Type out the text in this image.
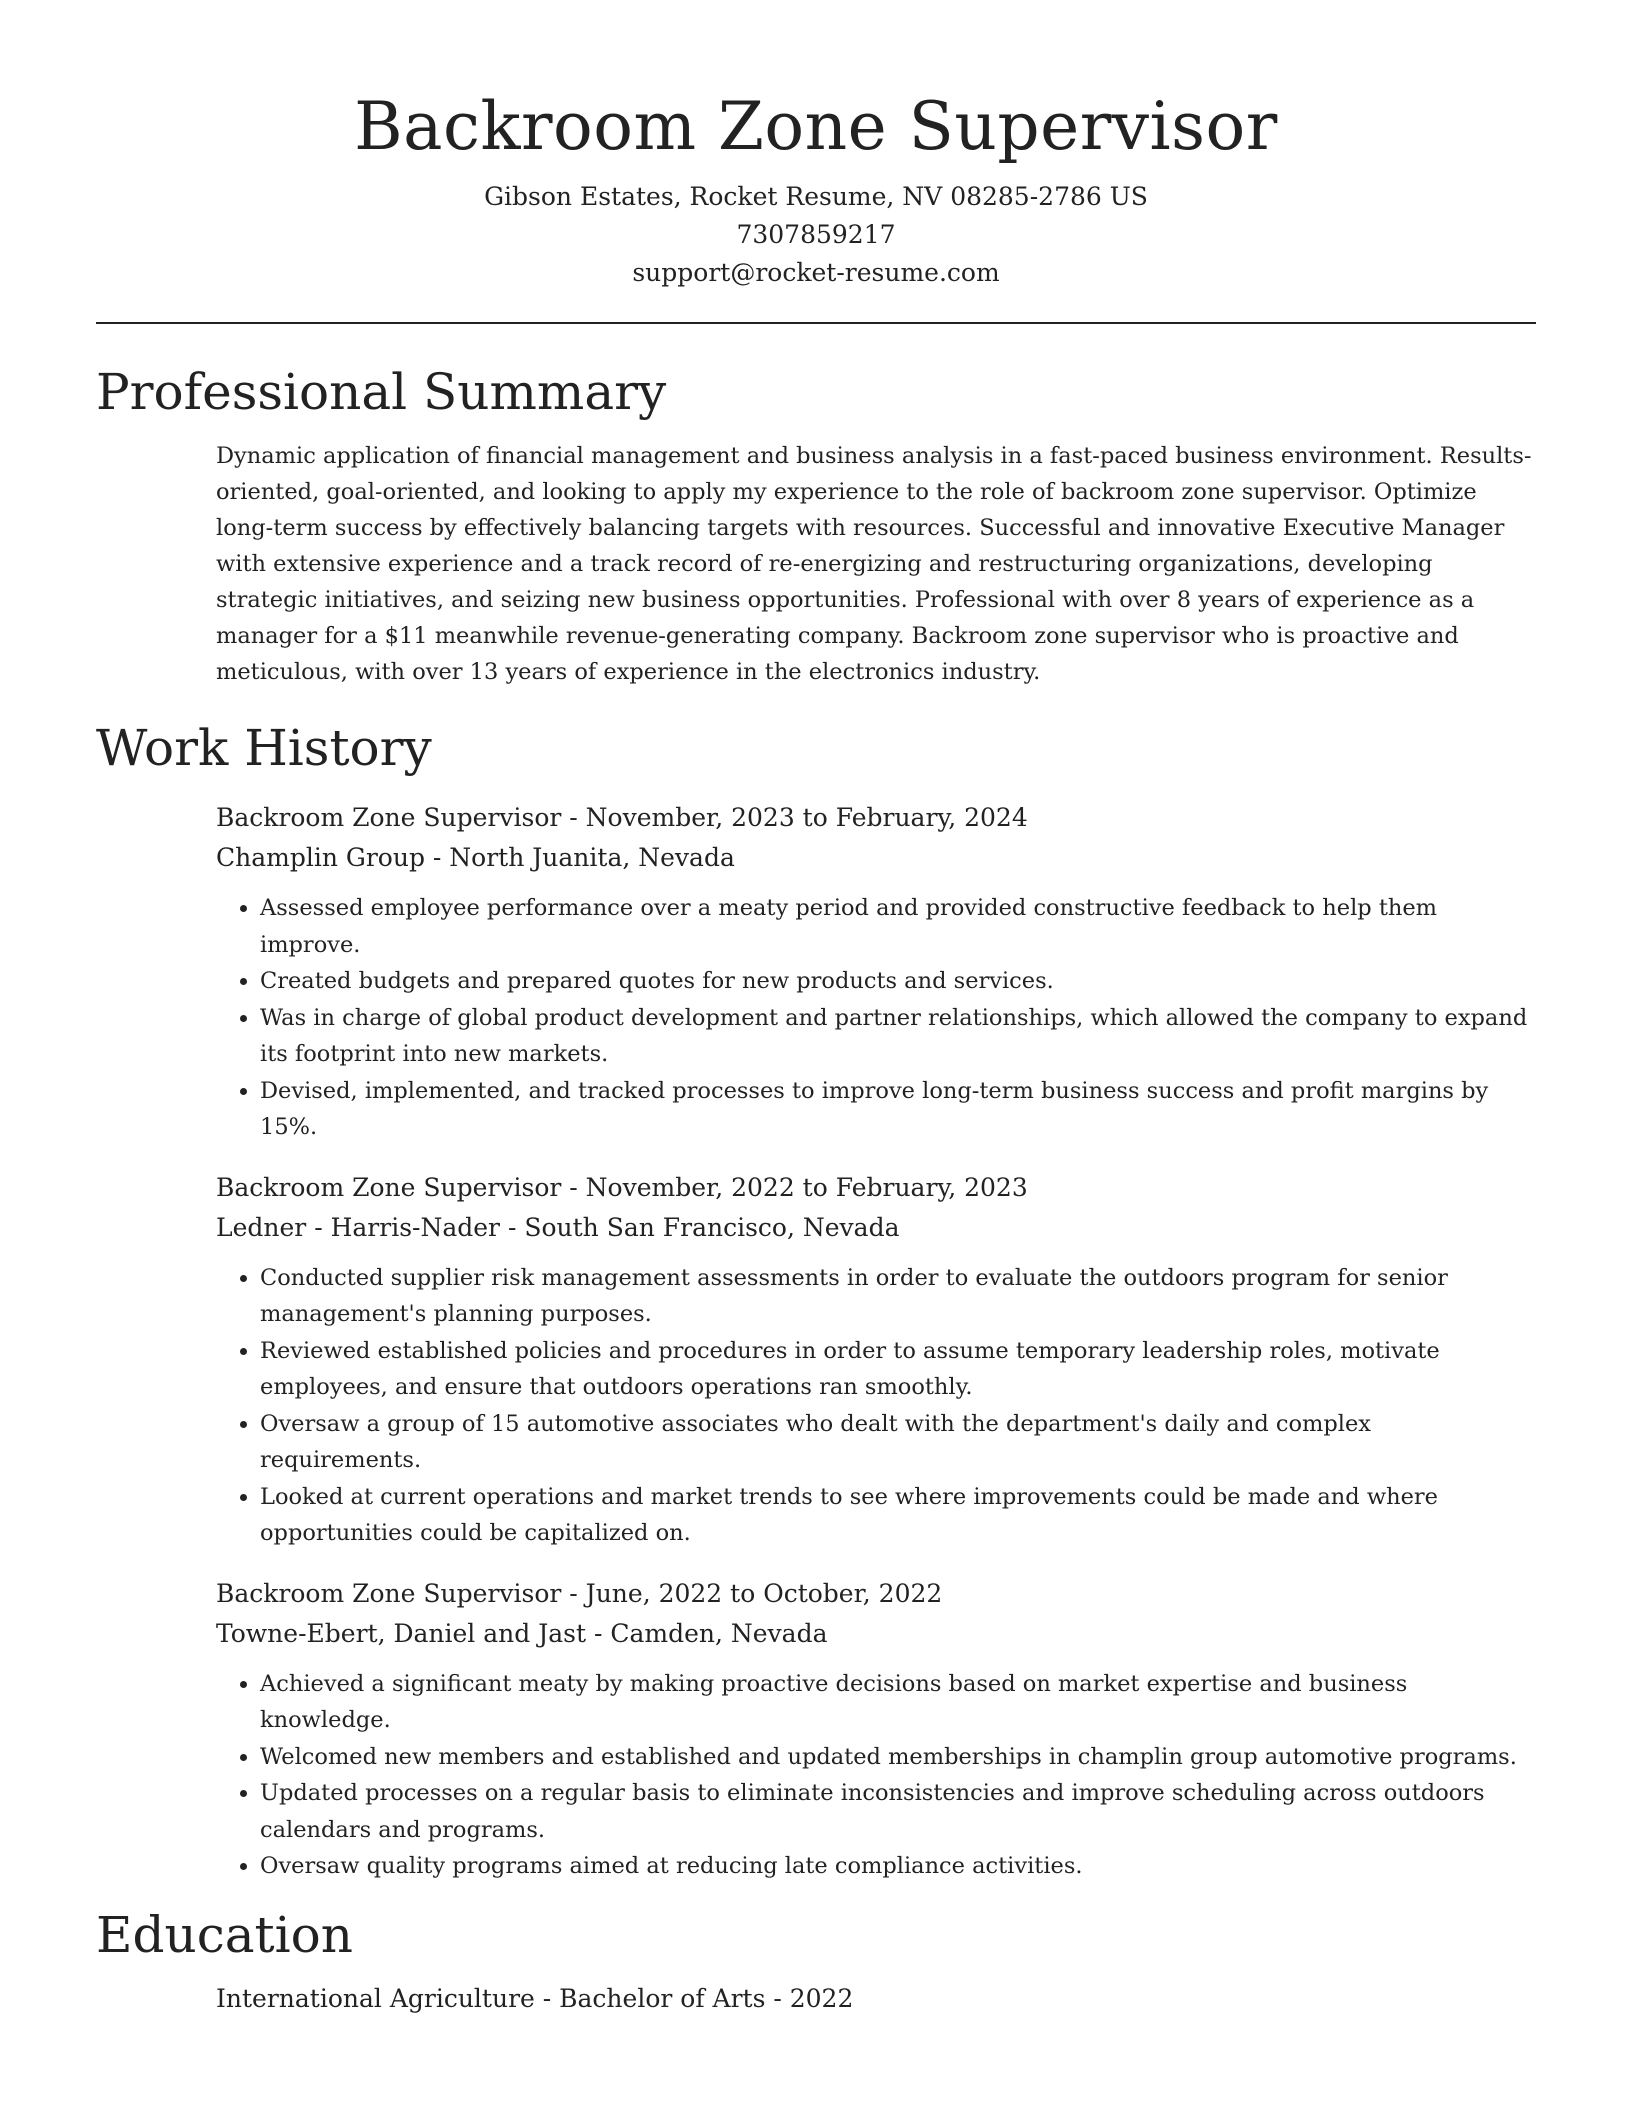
Backroom Zone Supervisor
Gibson Estates, Rocket Resume, NV 08285-2786 US
7307859217
support@rocket-resume.com
Professional Summary

Dynamic application of financial management and business analysis in a fast-paced business environment. Results-oriented, goal-oriented, and looking to apply my experience to the role of backroom zone supervisor. Optimize long-term success by effectively balancing targets with resources. Successful and innovative Executive Manager with extensive experience and a track record of re-energizing and restructuring organizations, developing strategic initiatives, and seizing new business opportunities. Professional with over 8 years of experience as a manager for a $11 meanwhile revenue-generating company. Backroom zone supervisor who is proactive and meticulous, with over 13 years of experience in the electronics industry.

Work History
Backroom Zone Supervisor - November, 2023 to February, 2024
Champlin Group - North Juanita, Nevada
• Assessed employee performance over a meaty period and provided constructive feedback to help them improve.
• Created budgets and prepared quotes for new products and services.
• Was in charge of global product development and partner relationships, which allowed the company to expand its footprint into new markets.
• Devised, implemented, and tracked processes to improve long-term business success and profit margins by 15%.
Backroom Zone Supervisor - November, 2022 to February, 2023
Ledner - Harris-Nader - South San Francisco, Nevada
• Conducted supplier risk management assessments in order to evaluate the outdoors program for senior management's planning purposes.
• Reviewed established policies and procedures in order to assume temporary leadership roles, motivate employees, and ensure that outdoors operations ran smoothly.
• Oversaw a group of 15 automotive associates who dealt with the department's daily and complex requirements.
• Looked at current operations and market trends to see where improvements could be made and where opportunities could be capitalized on.
Backroom Zone Supervisor - June, 2022 to October, 2022
Towne-Ebert, Daniel and Jast - Camden, Nevada
• Achieved a significant meaty by making proactive decisions based on market expertise and business knowledge.
• Welcomed new members and established and updated memberships in champlin group automotive programs.
• Updated processes on a regular basis to eliminate inconsistencies and improve scheduling across outdoors calendars and programs.
• Oversaw quality programs aimed at reducing late compliance activities.
Education
International Agriculture - Bachelor of Arts - 2022
